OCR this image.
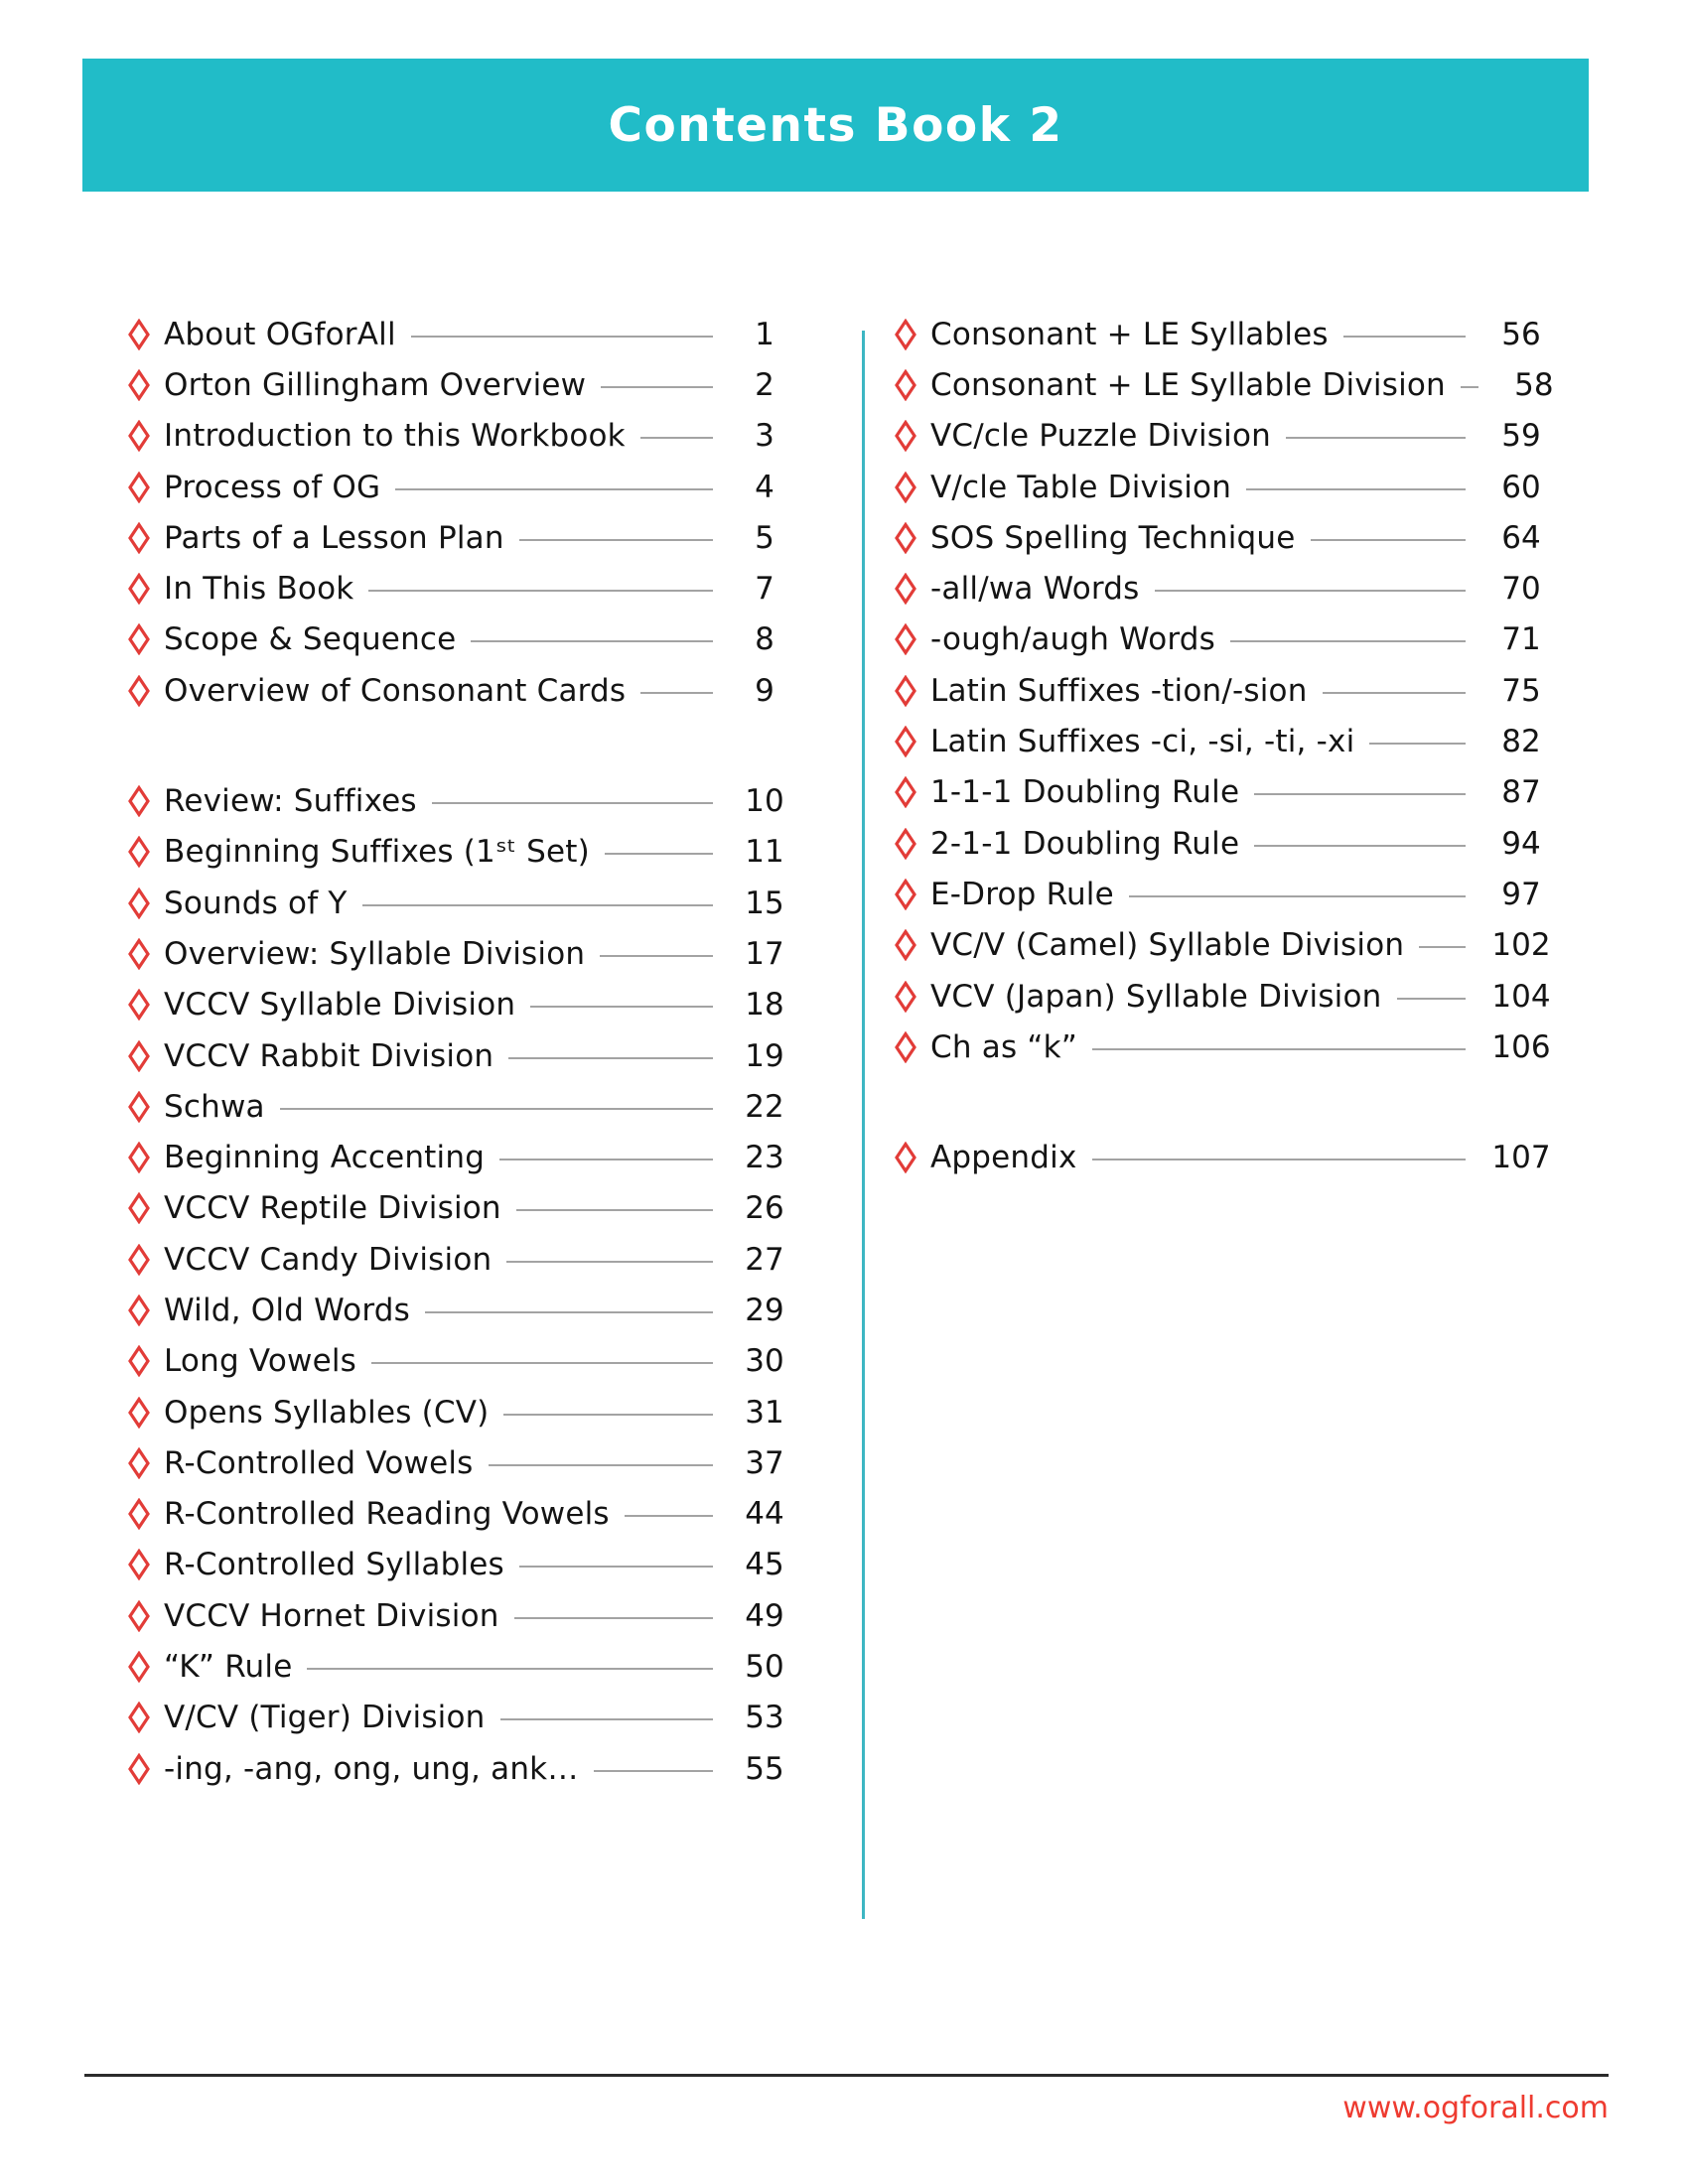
Contents Book 2
About OGforAll	1
Orton Gillingham Overview	2
Introduction to this Workbook	3
Process of OG	4
Parts of a Lesson Plan	5
In This Book	7
Scope & Sequence	8
Overview of Consonant Cards	9
Review: Suffixes	10
Beginning Suffixes (1ˢᵗ Set)	11
Sounds of Y	15
Overview: Syllable Division	17
VCCV Syllable Division	18
VCCV Rabbit Division	19
Schwa	22
Beginning Accenting	23
VCCV Reptile Division	26
VCCV Candy Division	27
Wild, Old Words	29
Long Vowels	30
Opens Syllables (CV)	31
R-Controlled Vowels	37
R-Controlled Reading Vowels	44
R-Controlled Syllables	45
VCCV Hornet Division	49
“K” Rule	50
V/CV (Tiger) Division	53
-ing, -ang, ong, ung, ank…	55
Consonant + LE Syllables	56
Consonant + LE Syllable Division	58
VC/cle Puzzle Division	59
V/cle Table Division	60
SOS Spelling Technique	64
-all/wa Words	70
-ough/augh Words	71
Latin Suffixes -tion/-sion	75
Latin Suffixes -ci, -si, -ti, -xi	82
1-1-1 Doubling Rule	87
2-1-1 Doubling Rule	94
E-Drop Rule	97
VC/V (Camel) Syllable Division	102
VCV (Japan) Syllable Division	104
Ch as “k”	106
Appendix	107
www.ogforall.com
